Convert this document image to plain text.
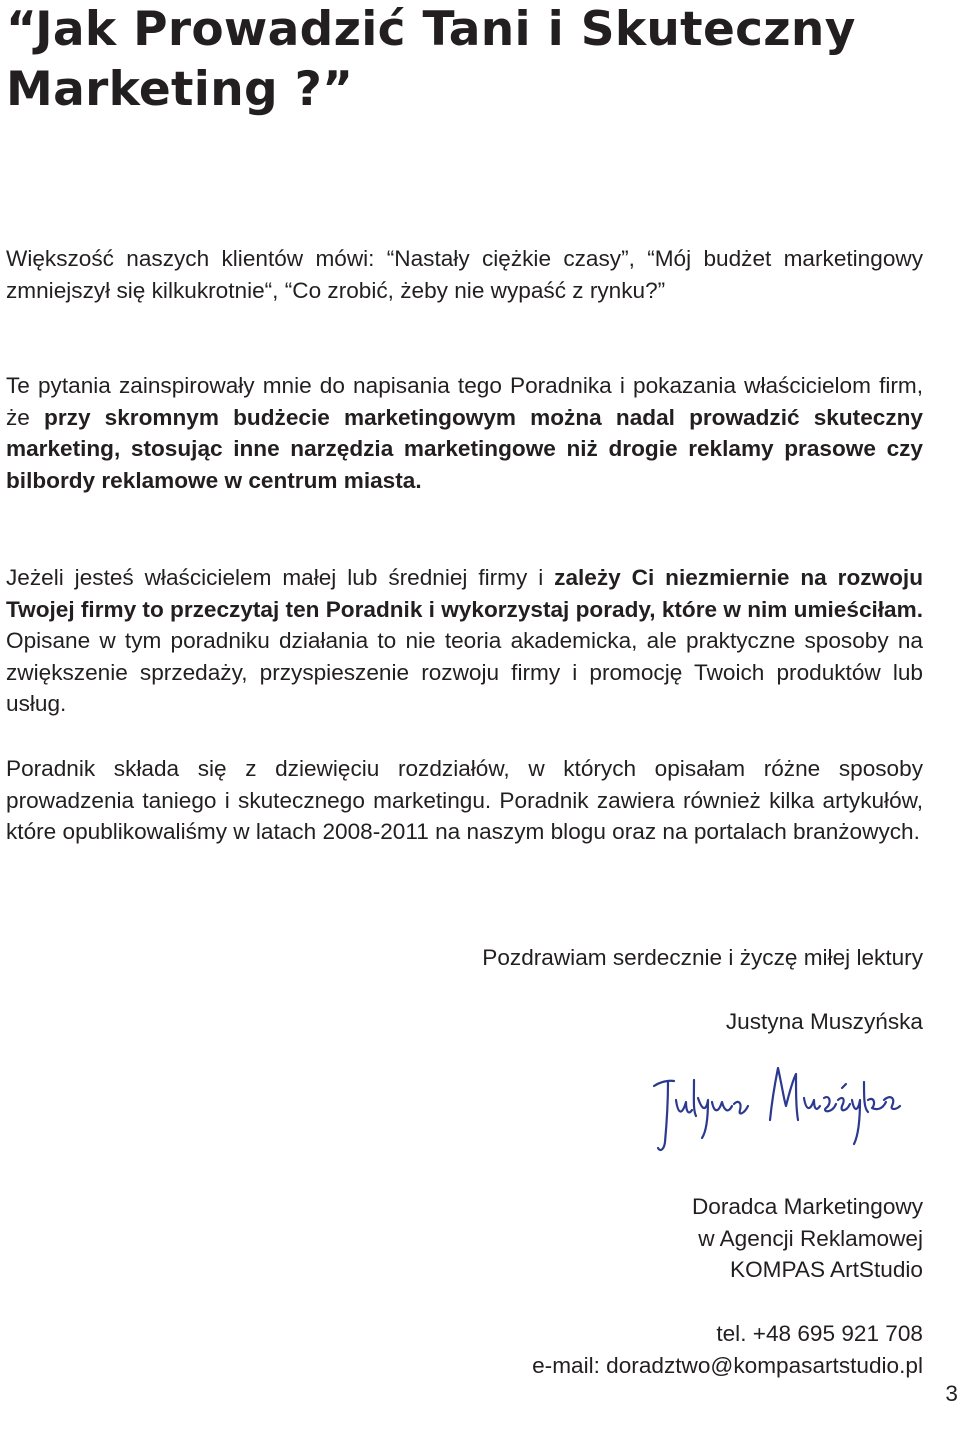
“Jak Prowadzić Tani i Skuteczny Marketing ?”

Większość naszych klientów mówi: “Nastały ciężkie czasy”, “Mój budżet marketingowy zmniejszył się kilkukrotnie“, “Co zrobić, żeby nie wypaść z rynku?”

Te pytania zainspirowały mnie do napisania tego Poradnika i pokazania właścicielom firm, że przy skromnym budżecie marketingowym można nadal prowadzić skuteczny marketing, stosując inne narzędzia marketingowe niż drogie reklamy prasowe czy bilbordy reklamowe w centrum miasta.

Jeżeli jesteś właścicielem małej lub średniej firmy i zależy Ci niezmiernie na rozwoju Twojej firmy to przeczytaj ten Poradnik i wykorzystaj porady, które w nim umieściłam. Opisane w tym poradniku działania to nie teoria akademicka, ale praktyczne sposoby na zwiększenie sprzedaży, przyspieszenie rozwoju firmy i promocję Twoich produktów lub usług.

Poradnik składa się z dziewięciu rozdziałów, w których opisałam różne sposoby prowadzenia taniego i skutecznego marketingu. Poradnik zawiera również kilka artykułów, które opublikowaliśmy w latach 2008-2011 na naszym blogu oraz na portalach branżowych.

Pozdrawiam serdecznie i życzę miłej lektury

Justyna Muszyńska

Doradca Marketingowy
w Agencji Reklamowej
KOMPAS ArtStudio

tel. +48 695 921 708
e-mail: doradztwo@kompasartstudio.pl

3
